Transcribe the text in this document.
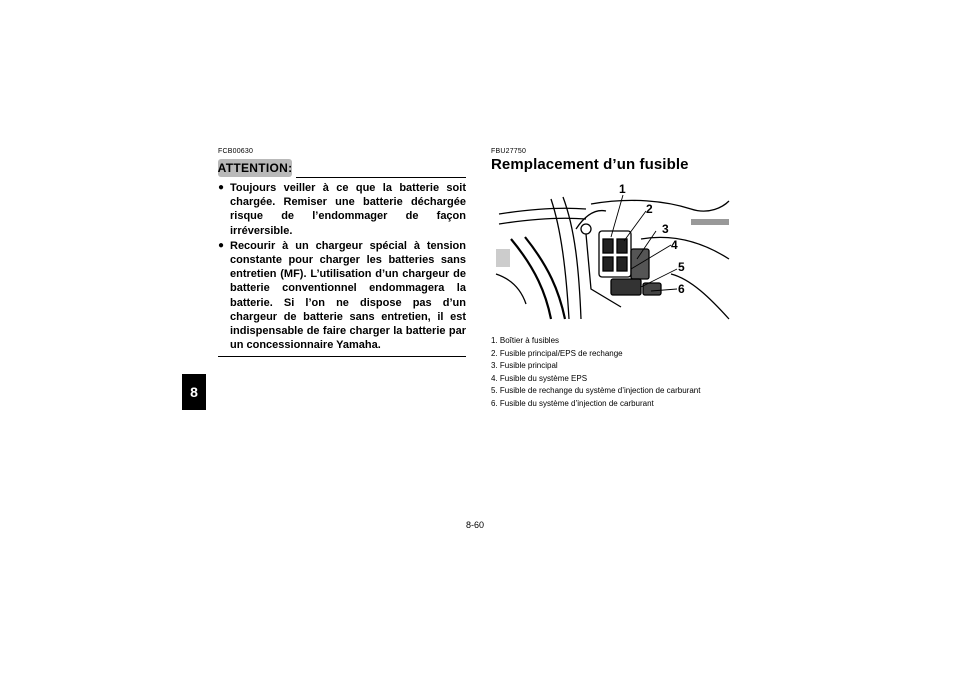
8
FCB00630
ATTENTION:
● Toujours veiller à ce que la batterie soit chargée. Remiser une batterie déchargée risque de l’endommager de façon irréversible.
● Recourir à un chargeur spécial à tension constante pour charger les batteries sans entretien (MF). L’utilisation d’un chargeur de batterie conventionnel endommagera la batterie. Si l’on ne dispose pas d’un chargeur de batterie sans entretien, il est indispensable de faire charger la batterie par un concessionnaire Yamaha.
FBU27750
Remplacement d’un fusible
1
2
3
4
5
6
1. Boîtier à fusibles
2. Fusible principal/EPS de rechange
3. Fusible principal
4. Fusible du système EPS
5. Fusible de rechange du système d’injection de carburant
6. Fusible du système d’injection de carburant
8-60
